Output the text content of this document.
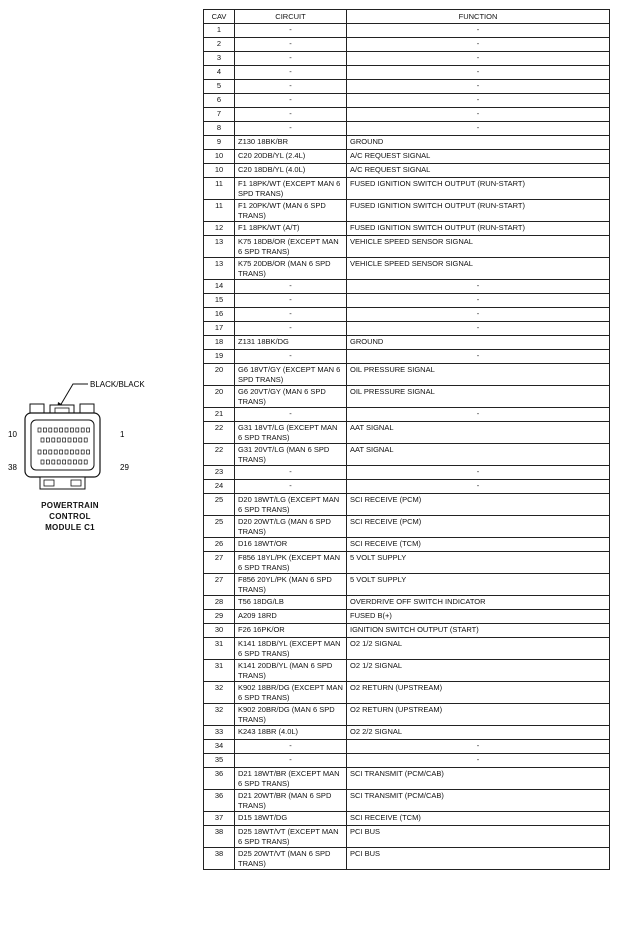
BLACK/BLACK
10	1
38	29
POWERTRAIN
CONTROL
MODULE C1
CAV	CIRCUIT	FUNCTION
1	-	-
2	-	-
3	-	-
4	-	-
5	-	-
6	-	-
7	-	-
8	-	-
9	Z130 18BK/BR	GROUND
10	C20 20DB/YL (2.4L)	A/C REQUEST SIGNAL
10	C20 18DB/YL (4.0L)	A/C REQUEST SIGNAL
11	F1 18PK/WT (EXCEPT MAN 6 SPD TRANS)	FUSED IGNITION SWITCH OUTPUT (RUN-START)
11	F1 20PK/WT (MAN 6 SPD TRANS)	FUSED IGNITION SWITCH OUTPUT (RUN-START)
12	F1 18PK/WT (A/T)	FUSED IGNITION SWITCH OUTPUT (RUN-START)
13	K75 18DB/OR (EXCEPT MAN 6 SPD TRANS)	VEHICLE SPEED SENSOR SIGNAL
13	K75 20DB/OR (MAN 6 SPD TRANS)	VEHICLE SPEED SENSOR SIGNAL
14	-	-
15	-	-
16	-	-
17	-	-
18	Z131 18BK/DG	GROUND
19	-	-
20	G6 18VT/GY (EXCEPT MAN 6 SPD TRANS)	OIL PRESSURE SIGNAL
20	G6 20VT/GY (MAN 6 SPD TRANS)	OIL PRESSURE SIGNAL
21	-	-
22	G31 18VT/LG (EXCEPT MAN 6 SPD TRANS)	AAT SIGNAL
22	G31 20VT/LG (MAN 6 SPD TRANS)	AAT SIGNAL
23	-	-
24	-	-
25	D20 18WT/LG (EXCEPT MAN 6 SPD TRANS)	SCI RECEIVE (PCM)
25	D20 20WT/LG (MAN 6 SPD TRANS)	SCI RECEIVE (PCM)
26	D16 18WT/OR	SCI RECEIVE (TCM)
27	F856 18YL/PK (EXCEPT MAN 6 SPD TRANS)	5 VOLT SUPPLY
27	F856 20YL/PK (MAN 6 SPD TRANS)	5 VOLT SUPPLY
28	T56 18DG/LB	OVERDRIVE OFF SWITCH INDICATOR
29	A209 18RD	FUSED B(+)
30	F26 16PK/OR	IGNITION SWITCH OUTPUT (START)
31	K141 18DB/YL (EXCEPT MAN 6 SPD TRANS)	O2 1/2 SIGNAL
31	K141 20DB/YL (MAN 6 SPD TRANS)	O2 1/2 SIGNAL
32	K902 18BR/DG (EXCEPT MAN 6 SPD TRANS)	O2 RETURN (UPSTREAM)
32	K902 20BR/DG (MAN 6 SPD TRANS)	O2 RETURN (UPSTREAM)
33	K243 18BR (4.0L)	O2 2/2 SIGNAL
34	-	-
35	-	-
36	D21 18WT/BR (EXCEPT MAN 6 SPD TRANS)	SCI TRANSMIT (PCM/CAB)
36	D21 20WT/BR (MAN 6 SPD TRANS)	SCI TRANSMIT (PCM/CAB)
37	D15 18WT/DG	SCI RECEIVE (TCM)
38	D25 18WT/VT (EXCEPT MAN 6 SPD TRANS)	PCI BUS
38	D25 20WT/VT (MAN 6 SPD TRANS)	PCI BUS
